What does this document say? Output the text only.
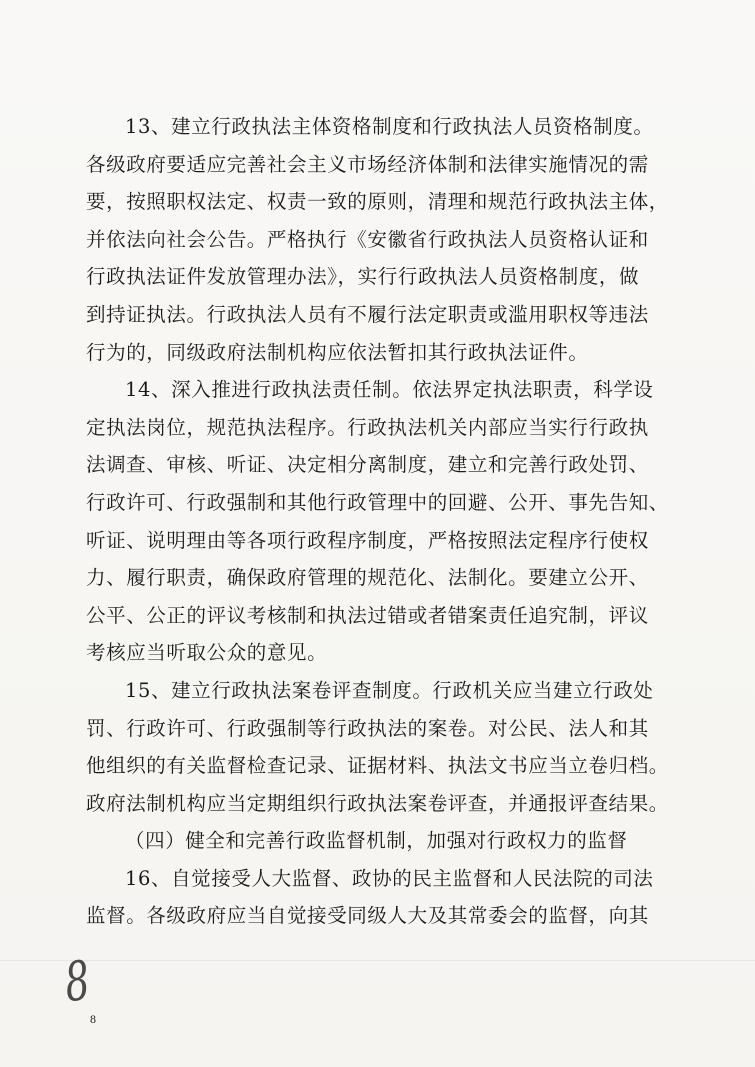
13、建立行政执法主体资格制度和行政执法人员资格制度。
各级政府要适应完善社会主义市场经济体制和法律实施情况的需
要，按照职权法定、权责一致的原则，清理和规范行政执法主体，
并依法向社会公告。严格执行《安徽省行政执法人员资格认证和
行政执法证件发放管理办法》，实行行政执法人员资格制度，做
到持证执法。行政执法人员有不履行法定职责或滥用职权等违法
行为的，同级政府法制机构应依法暂扣其行政执法证件。
14、深入推进行政执法责任制。依法界定执法职责，科学设
定执法岗位，规范执法程序。行政执法机关内部应当实行行政执
法调查、审核、听证、决定相分离制度，建立和完善行政处罚、
行政许可、行政强制和其他行政管理中的回避、公开、事先告知、
听证、说明理由等各项行政程序制度，严格按照法定程序行使权
力、履行职责，确保政府管理的规范化、法制化。要建立公开、
公平、公正的评议考核制和执法过错或者错案责任追究制，评议
考核应当听取公众的意见。
15、建立行政执法案卷评查制度。行政机关应当建立行政处
罚、行政许可、行政强制等行政执法的案卷。对公民、法人和其
他组织的有关监督检查记录、证据材料、执法文书应当立卷归档。
政府法制机构应当定期组织行政执法案卷评查，并通报评查结果。
（四）健全和完善行政监督机制，加强对行政权力的监督
16、自觉接受人大监督、政协的民主监督和人民法院的司法
监督。各级政府应当自觉接受同级人大及其常委会的监督，向其
8
8
